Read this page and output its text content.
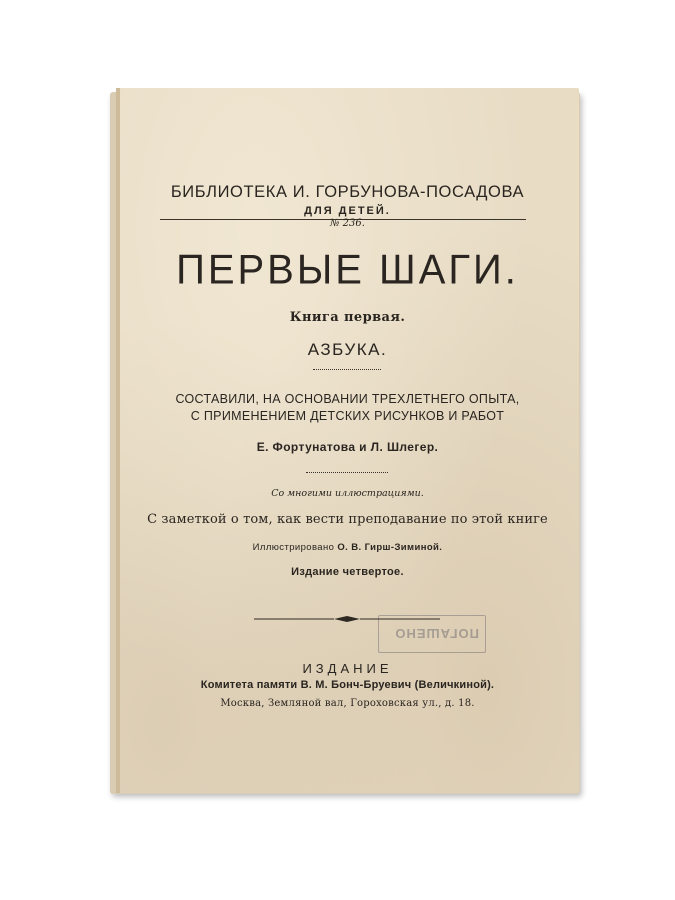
БИБЛИОТЕКА И. ГОРБУНОВА-ПОСАДОВА
ДЛЯ ДЕТЕЙ.
№ 236.
ПЕРВЫЕ ШАГИ.
Книга первая.
АЗБУКА.
СОСТАВИЛИ, НА ОСНОВАНИИ ТРЕХЛЕТНЕГО ОПЫТА,
С ПРИМЕНЕНИЕМ ДЕТСКИХ РИСУНКОВ И РАБОТ
Е. Фортунатова и Л. Шлегер.
Со многими иллюстрациями.
С заметкой о том, как вести преподавание по этой книге
Иллюстрировано О. В. Гирш-Зиминой.
Издание четвертое.
ПОГАШЕНО
ИЗДАНИЕ
Комитета памяти В. М. Бонч-Бруевич (Величкиной).
Москва, Земляной вал, Гороховская ул., д. 18.
